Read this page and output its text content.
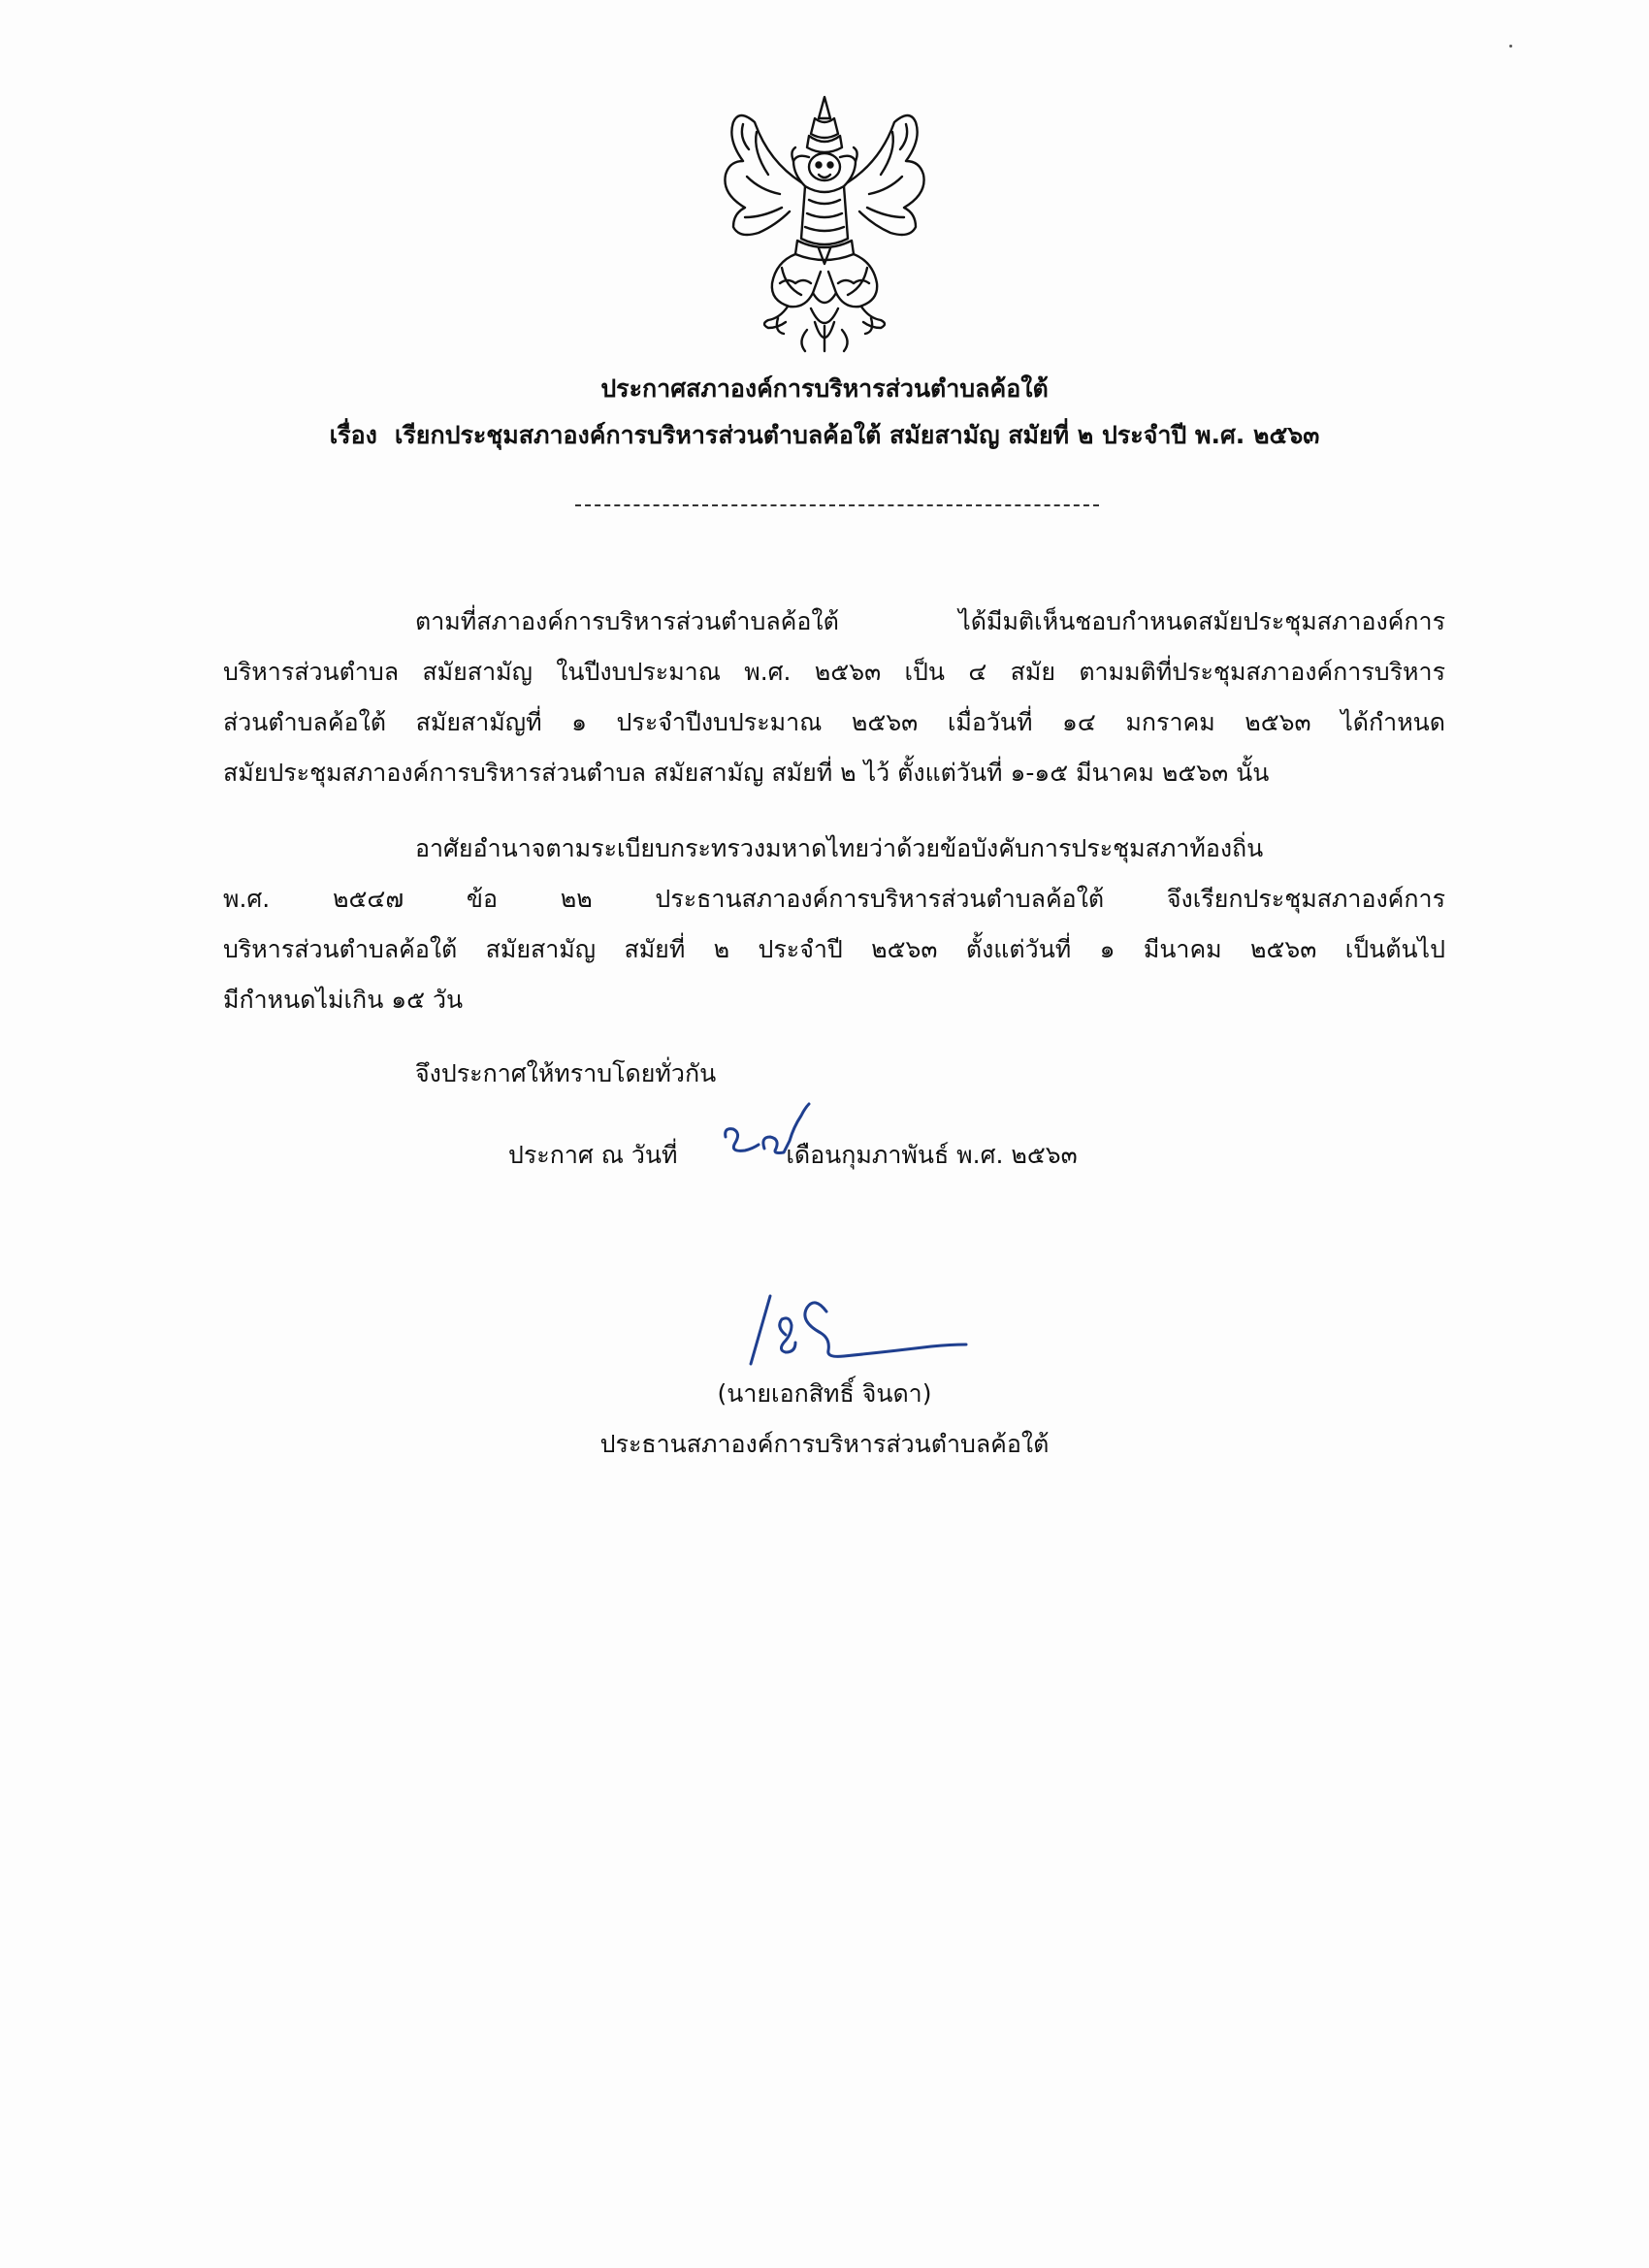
ประกาศสภาองค์การบริหารส่วนตำบลค้อใต้
เรื่อง เรียกประชุมสภาองค์การบริหารส่วนตำบลค้อใต้ สมัยสามัญ สมัยที่ ๒ ประจำปี พ.ศ. ๒๕๖๓
ตามที่สภาองค์การบริหารส่วนตำบลค้อใต้ ได้มีมติเห็นชอบกำหนดสมัยประชุมสภาองค์การ
บริหารส่วนตำบล สมัยสามัญ ในปีงบประมาณ พ.ศ. ๒๕๖๓ เป็น ๔ สมัย ตามมติที่ประชุมสภาองค์การบริหาร
ส่วนตำบลค้อใต้ สมัยสามัญที่ ๑ ประจำปีงบประมาณ ๒๕๖๓ เมื่อวันที่ ๑๔ มกราคม ๒๕๖๓ ได้กำหนด
สมัยประชุมสภาองค์การบริหารส่วนตำบล สมัยสามัญ สมัยที่ ๒ ไว้ ตั้งแต่วันที่ ๑-๑๕ มีนาคม ๒๕๖๓ นั้น
อาศัยอำนาจตามระเบียบกระทรวงมหาดไทยว่าด้วยข้อบังคับการประชุมสภาท้องถิ่น
พ.ศ. ๒๕๔๗ ข้อ ๒๒ ประธานสภาองค์การบริหารส่วนตำบลค้อใต้ จึงเรียกประชุมสภาองค์การ
บริหารส่วนตำบลค้อใต้ สมัยสามัญ สมัยที่ ๒ ประจำปี ๒๕๖๓ ตั้งแต่วันที่ ๑ มีนาคม ๒๕๖๓ เป็นต้นไป
มีกำหนดไม่เกิน ๑๕ วัน
จึงประกาศให้ทราบโดยทั่วกัน
ประกาศ ณ วันที่	เดือนกุมภาพันธ์ พ.ศ. ๒๕๖๓
(นายเอกสิทธิ์ จินดา)
ประธานสภาองค์การบริหารส่วนตำบลค้อใต้
